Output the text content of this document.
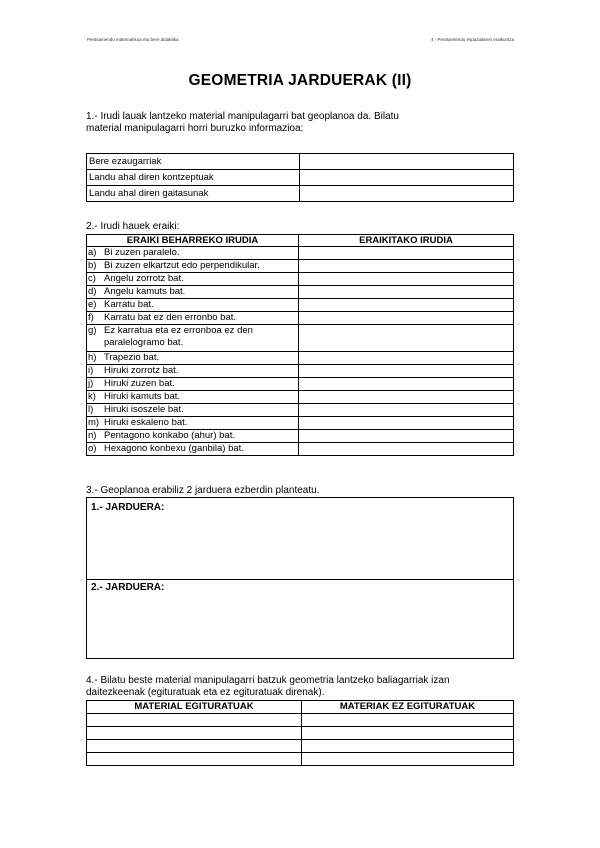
Pentsamendu matematikoa eta bere didaktika	4.- Pentsamendu espazialaren eraikuntza
GEOMETRIA JARDUERAK (II)
1.- Irudi lauak lantzeko material manipulagarri bat geoplanoa da. Bilatu
material manipulagarri horri buruzko informazioa:
Bere ezaugarriak	
Landu ahal diren kontzeptuak	
Landu ahal diren gaitasunak	
2.- Irudi hauek eraiki:
ERAIKI BEHARREKO IRUDIA	ERAIKITAKO IRUDIA
a) Bi zuzen paralelo.	
b) Bi zuzen elkartzut edo perpendikular.	
c) Angelu zorrotz bat.	
d) Angelu kamuts bat.	
e) Karratu bat.	
f) Karratu bat ez den erronbo bat.	
g) Ez karratua eta ez erronboa ez den paralelogramo bat.	
h) Trapezio bat.	
i) Hiruki zorrotz bat.	
j) Hiruki zuzen bat.	
k) Hiruki kamuts bat.	
l) Hiruki isoszele bat.	
m) Hiruki eskaleno bat.	
n) Pentagono konkabo (ahur) bat.	
o) Hexagono konbexu (ganbila) bat.	
3.- Geoplanoa erabiliz 2 jarduera ezberdin planteatu.
1.- JARDUERA:
2.- JARDUERA:
4.- Bilatu beste material manipulagarri batzuk geometria lantzeko baliagarriak izan
daitezkeenak (egituratuak eta ez egituratuak direnak).
MATERIAL EGITURATUAK	MATERIAK EZ EGITURATUAK
